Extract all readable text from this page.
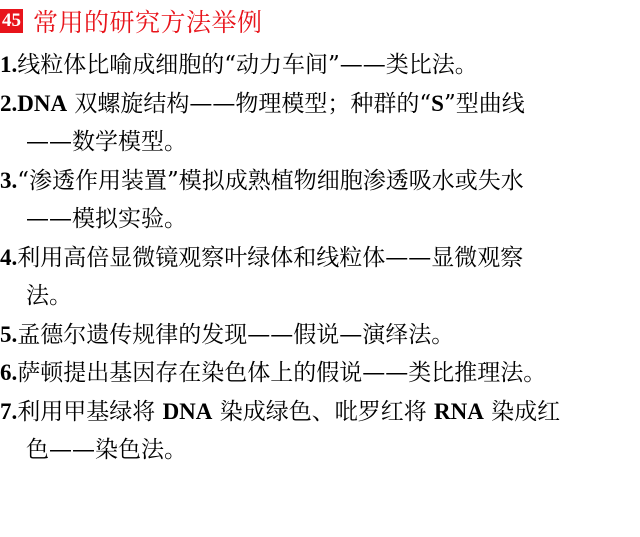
45 常用的研究方法举例
1.线粒体比喻成细胞的“动力车间”——类比法。
2.DNA 双螺旋结构——物理模型；种群的“S”型曲线
——数学模型。
3.“渗透作用装置”模拟成熟植物细胞渗透吸水或失水
——模拟实验。
4.利用高倍显微镜观察叶绿体和线粒体——显微观察
法。
5.孟德尔遗传规律的发现——假说—演绎法。
6.萨顿提出基因存在染色体上的假说——类比推理法。
7.利用甲基绿将 DNA 染成绿色、吡罗红将 RNA 染成红
色——染色法。
